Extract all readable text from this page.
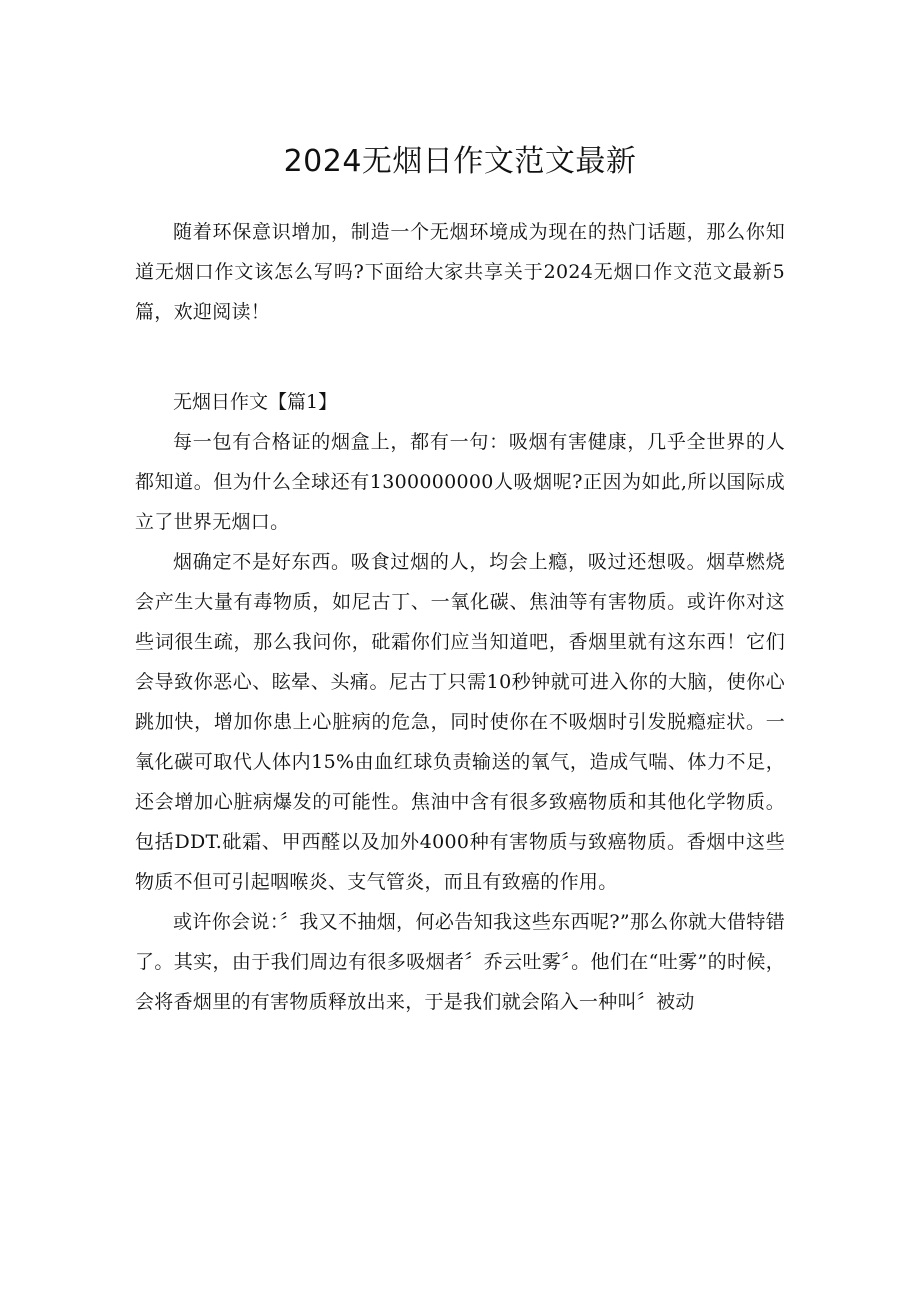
2024无烟日作文范文最新

随着环保意识增加，制造一个无烟环境成为现在的热门话题，那么你知道无烟口作文该怎么写吗?下面给大家共享关于2024无烟口作文范文最新5篇，欢迎阅读！

无烟日作文【篇1】

每一包有合格证的烟盒上，都有一句：吸烟有害健康，几乎全世界的人都知道。但为什么全球还有1300000000人吸烟呢?正因为如此,所以国际成立了世界无烟口。

烟确定不是好东西。吸食过烟的人，均会上瘾，吸过还想吸。烟草燃烧会产生大量有毒物质，如尼古丁、一氧化碳、焦油等有害物质。或许你对这些词很生疏，那么我问你，砒霜你们应当知道吧，香烟里就有这东西！它们会导致你恶心、眩晕、头痛。尼古丁只需10秒钟就可进入你的大脑，使你心跳加快，增加你患上心脏病的危急，同时使你在不吸烟时引发脱瘾症状。一氧化碳可取代人体内15%由血红球负责输送的氧气，造成气喘、体力不足，还会增加心脏病爆发的可能性。焦油中含有很多致癌物质和其他化学物质。包括DDT.砒霜、甲西醛以及加外4000种有害物质与致癌物质。香烟中这些物质不但可引起咽喉炎、支气管炎，而且有致癌的作用。

或许你会说：〞我又不抽烟，何必告知我这些东西呢?”那么你就大借特错了。其实，由于我们周边有很多吸烟者〞乔云吐雾〞。他们在“吐雾”的时候，会将香烟里的有害物质释放出来，于是我们就会陷入一种叫〞被动
